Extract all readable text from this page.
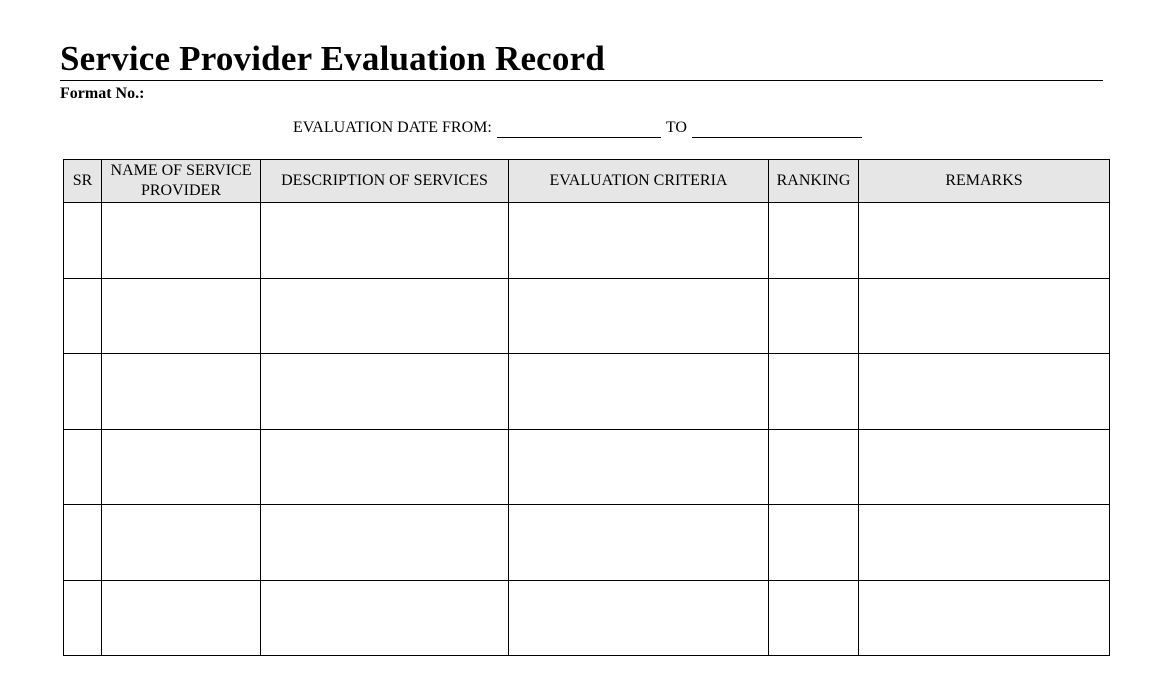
Service Provider Evaluation Record
Format No.:
EVALUATION DATE FROM:	TO
SR	NAME OF SERVICE PROVIDER	DESCRIPTION OF SERVICES	EVALUATION CRITERIA	RANKING	REMARKS
